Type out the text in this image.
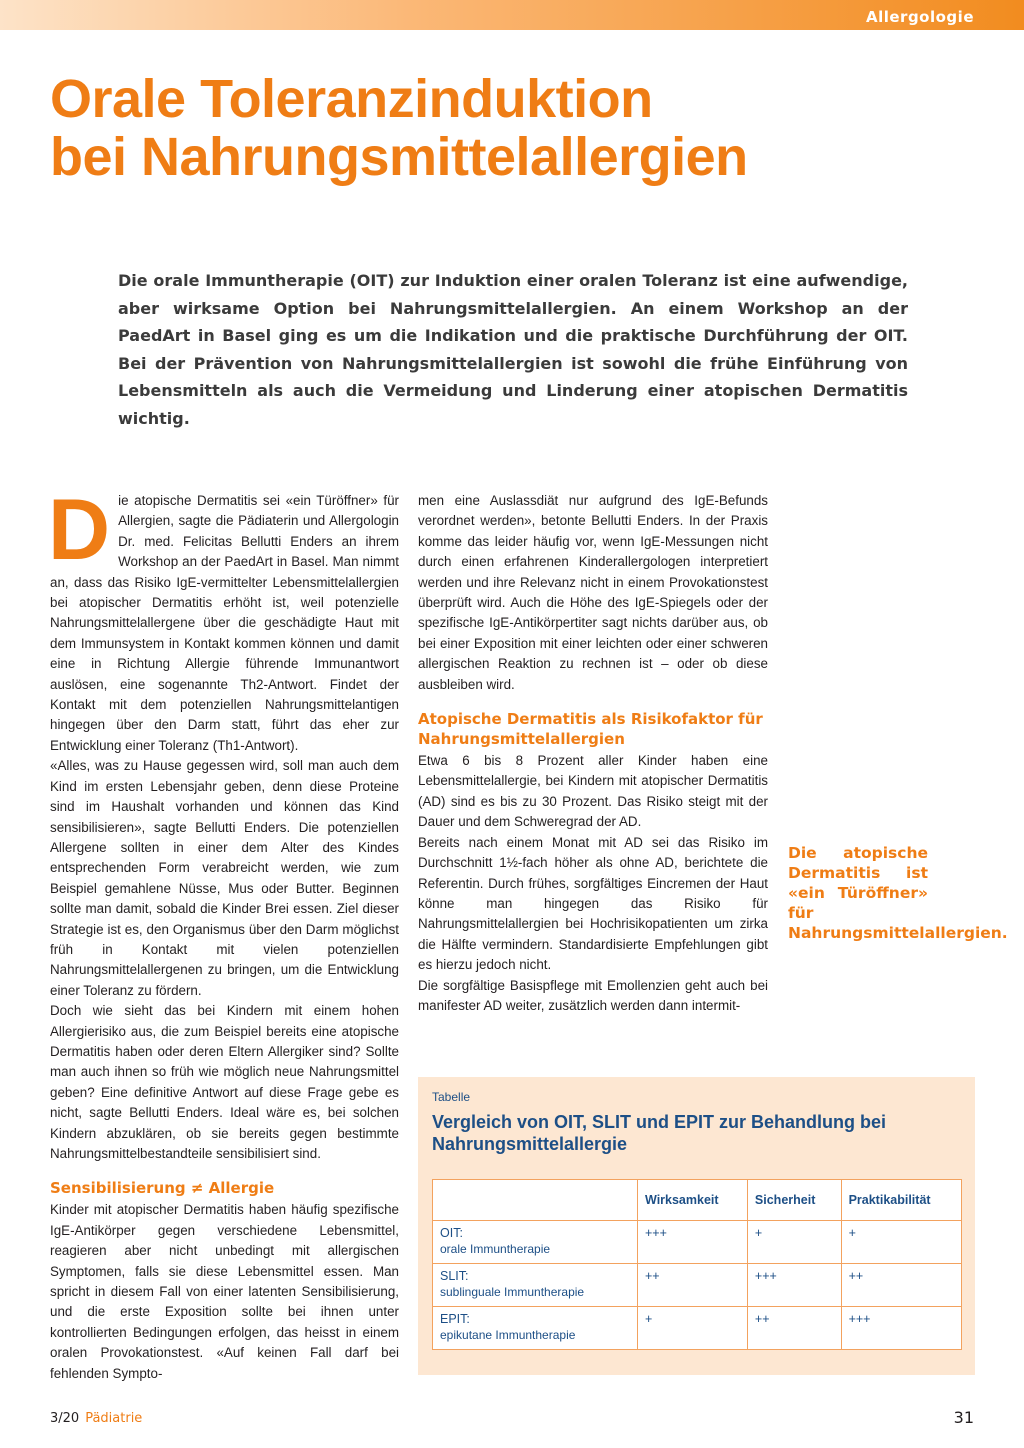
Allergologie
Orale Toleranzinduktion
bei Nahrungsmittelallergien

Die orale Immuntherapie (OIT) zur Induktion einer oralen Toleranz ist eine aufwendige, aber wirksame Option bei Nahrungsmittelallergien. An einem Workshop an der PaedArt in Basel ging es um die Indikation und die praktische Durchführung der OIT. Bei der Prävention von Nahrungsmittelallergien ist sowohl die frühe Einführung von Lebensmitteln als auch die Vermeidung und Linderung einer atopischen Dermatitis wichtig.

Die atopische Dermatitis sei «ein Türöffner» für Allergien, sagte die Pädiaterin und Allergologin Dr. med. Felicitas Bellutti Enders an ihrem Workshop an der PaedArt in Basel. Man nimmt an, dass das Risiko IgE-vermittelter Lebensmittelallergien bei atopischer Dermatitis erhöht ist, weil potenzielle Nahrungsmittelallergene über die geschädigte Haut mit dem Immunsystem in Kontakt kommen können und damit eine in Richtung Allergie führende Immunantwort auslösen, eine sogenannte Th2-Antwort. Findet der Kontakt mit dem potenziellen Nahrungsmittelantigen hingegen über den Darm statt, führt das eher zur Entwicklung einer Toleranz (Th1-Antwort).

«Alles, was zu Hause gegessen wird, soll man auch dem Kind im ersten Lebensjahr geben, denn diese Proteine sind im Haushalt vorhanden und können das Kind sensibilisieren», sagte Bellutti Enders. Die potenziellen Allergene sollten in einer dem Alter des Kindes entsprechenden Form verabreicht werden, wie zum Beispiel gemahlene Nüsse, Mus oder Butter. Beginnen sollte man damit, sobald die Kinder Brei essen. Ziel dieser Strategie ist es, den Organismus über den Darm möglichst früh in Kontakt mit vielen potenziellen Nahrungsmittelallergenen zu bringen, um die Entwicklung einer Toleranz zu fördern.

Doch wie sieht das bei Kindern mit einem hohen Allergierisiko aus, die zum Beispiel bereits eine atopische Dermatitis haben oder deren Eltern Allergiker sind? Sollte man auch ihnen so früh wie möglich neue Nahrungsmittel geben? Eine definitive Antwort auf diese Frage gebe es nicht, sagte Bellutti Enders. Ideal wäre es, bei solchen Kindern abzuklären, ob sie bereits gegen bestimmte Nahrungsmittelbestandteile sensibilisiert sind.

Sensibilisierung ≠ Allergie

Kinder mit atopischer Dermatitis haben häufig spezifische IgE-Antikörper gegen verschiedene Lebensmittel, reagieren aber nicht unbedingt mit allergischen Symptomen, falls sie diese Lebensmittel essen. Man spricht in diesem Fall von einer latenten Sensibilisierung, und die erste Exposition sollte bei ihnen unter kontrollierten Bedingungen erfolgen, das heisst in einem oralen Provokationstest. «Auf keinen Fall darf bei fehlenden Sympto-

men eine Auslassdiät nur aufgrund des IgE-Befunds verordnet werden», betonte Bellutti Enders. In der Praxis komme das leider häufig vor, wenn IgE-Messungen nicht durch einen erfahrenen Kinderallergologen interpretiert werden und ihre Relevanz nicht in einem Provokationstest überprüft wird. Auch die Höhe des IgE-Spiegels oder der spezifische IgE-Antikörpertiter sagt nichts darüber aus, ob bei einer Exposition mit einer leichten oder einer schweren allergischen Reaktion zu rechnen ist – oder ob diese ausbleiben wird.

Atopische Dermatitis als Risikofaktor für Nahrungsmittelallergien

Etwa 6 bis 8 Prozent aller Kinder haben eine Lebensmittelallergie, bei Kindern mit atopischer Dermatitis (AD) sind es bis zu 30 Prozent. Das Risiko steigt mit der Dauer und dem Schweregrad der AD.

Die atopische Dermatitis ist «ein Türöffner» für Nahrungsmittelallergien.
Bereits nach einem Monat mit AD sei das Risiko im Durchschnitt 1½-fach höher als ohne AD, berichtete die Referentin. Durch frühes, sorgfältiges Eincremen der Haut könne man hingegen das Risiko für Nahrungsmittelallergien bei Hochrisikopatienten um zirka die Hälfte vermindern. Standardisierte Empfehlungen gibt es hierzu jedoch nicht.

Die sorgfältige Basispflege mit Emollenzien geht auch bei manifester AD weiter, zusätzlich werden dann intermit-

Tabelle
Vergleich von OIT, SLIT und EPIT zur Behandlung bei Nahrungsmittelallergie
	Wirksamkeit	Sicherheit	Praktikabilität
OIT:
orale Immuntherapie	+++	+	+
SLIT:
sublinguale Immuntherapie	++	+++	++
EPIT:
epikutane Immuntherapie	+	++	+++
3/20 Pädiatrie	31
